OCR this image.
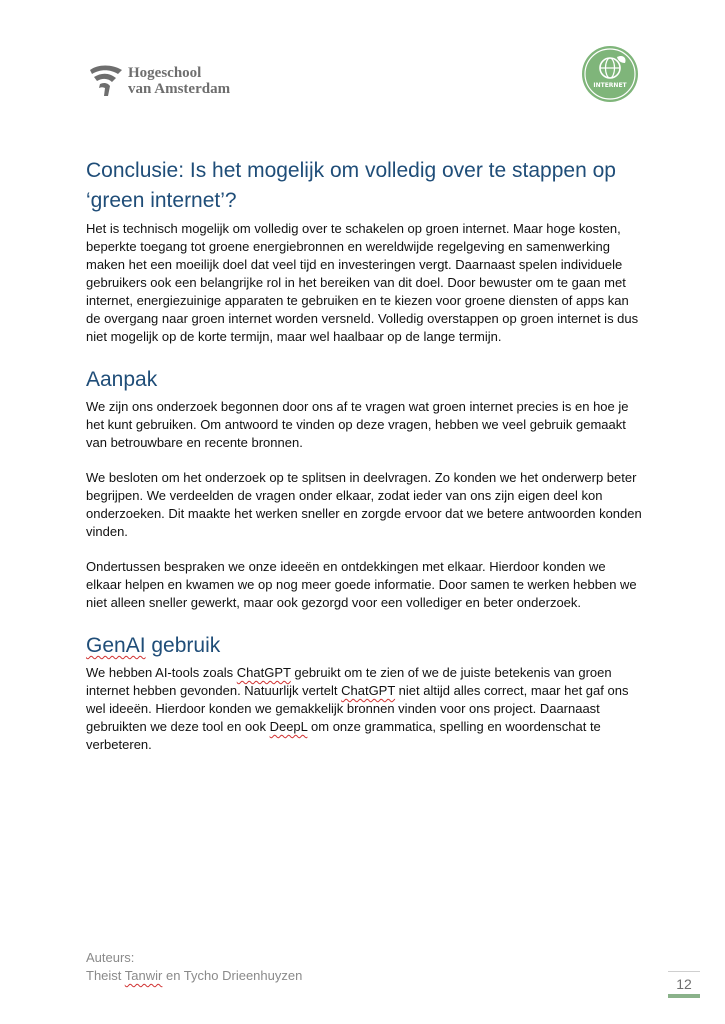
Hogeschool
van Amsterdam	INTERNET
Conclusie: Is het mogelijk om volledig over te stappen op
‘green internet’?

Het is technisch mogelijk om volledig over te schakelen op groen internet. Maar hoge kosten, beperkte toegang tot groene energiebronnen en wereldwijde regelgeving en samenwerking maken het een moeilijk doel dat veel tijd en investeringen vergt. Daarnaast spelen individuele gebruikers ook een belangrijke rol in het bereiken van dit doel. Door bewuster om te gaan met internet, energiezuinige apparaten te gebruiken en te kiezen voor groene diensten of apps kan de overgang naar groen internet worden versneld. Volledig overstappen op groen internet is dus niet mogelijk op de korte termijn, maar wel haalbaar op de lange termijn.

Aanpak

We zijn ons onderzoek begonnen door ons af te vragen wat groen internet precies is en hoe je het kunt gebruiken. Om antwoord te vinden op deze vragen, hebben we veel gebruik gemaakt van betrouwbare en recente bronnen.

We besloten om het onderzoek op te splitsen in deelvragen. Zo konden we het onderwerp beter begrijpen. We verdeelden de vragen onder elkaar, zodat ieder van ons zijn eigen deel kon onderzoeken. Dit maakte het werken sneller en zorgde ervoor dat we betere antwoorden konden vinden.

Ondertussen bespraken we onze ideeën en ontdekkingen met elkaar. Hierdoor konden we elkaar helpen en kwamen we op nog meer goede informatie. Door samen te werken hebben we niet alleen sneller gewerkt, maar ook gezorgd voor een vollediger en beter onderzoek.

GenAI gebruik

We hebben AI-tools zoals ChatGPT gebruikt om te zien of we de juiste betekenis van groen internet hebben gevonden. Natuurlijk vertelt ChatGPT niet altijd alles correct, maar het gaf ons wel ideeën. Hierdoor konden we gemakkelijk bronnen vinden voor ons project. Daarnaast gebruikten we deze tool en ook DeepL om onze grammatica, spelling en woordenschat te verbeteren.

Auteurs:
Theist Tanwir en Tycho Drieenhuyzen
12
